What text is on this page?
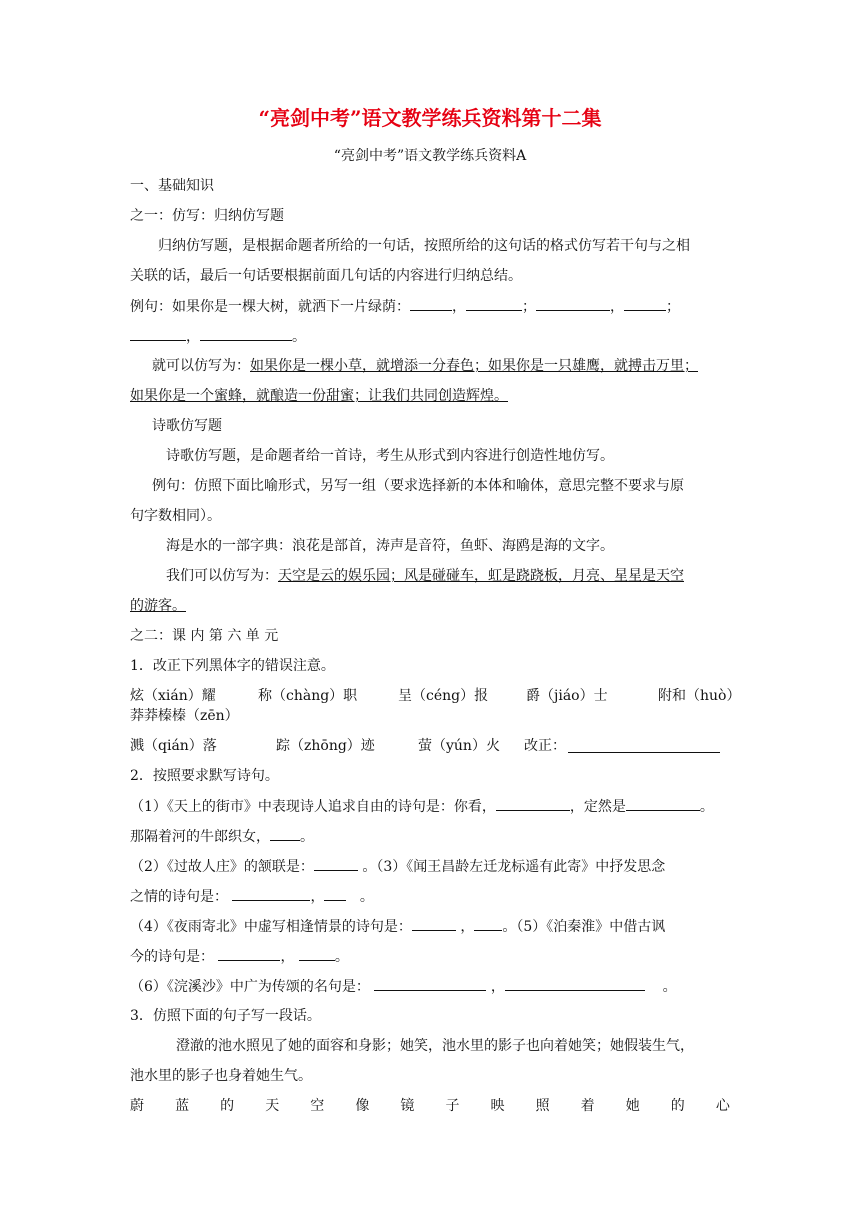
“亮剑中考”语文教学练兵资料第十二集
“亮剑中考”语文教学练兵资料A
一、基础知识
之一：仿写：归纳仿写题
归纳仿写题，是根据命题者所给的一句话，按照所给的这句话的格式仿写若干句与之相
关联的话，最后一句话要根据前面几句话的内容进行归纳总结。
例句：如果你是一棵大树，就洒下一片绿荫：	，	；	，	；
，	。
就可以仿写为：如果你是一棵小草，就增添一分春色；如果你是一只雄鹰，就搏击万里；
如果你是一个蜜蜂，就酿造一份甜蜜；让我们共同创造辉煌。
诗歌仿写题
诗歌仿写题，是命题者给一首诗，考生从形式到内容进行创造性地仿写。
例句：仿照下面比喻形式，另写一组（要求选择新的本体和喻体，意思完整不要求与原
句字数相同）。
海是水的一部字典：浪花是部首，涛声是音符，鱼虾、海鸥是海的文字。
我们可以仿写为：天空是云的娱乐园；风是碰碰车，虹是跷跷板，月亮、星星是天空
的游客。
之二：课 内 第 六 单 元
1．改正下列黑体字的错误注意。
炫（xián）耀	称（chàng）职	呈（céng）报	爵（jiáo）士	附和（huò）
莽莽榛榛（zēn）
溅（qián）落	踪（zhōng）迹	萤（yún）火 改正：
2．按照要求默写诗句。
（1）《天上的街市》中表现诗人追求自由的诗句是：你看，	，定然是	。
那隔着河的牛郎织女， 。
（2）《过故人庄》的颔联是：	。（3）《闻王昌龄左迁龙标遥有此寄》中抒发思念
之情的诗句是：	，	。
（4）《夜雨寄北》中虚写相逢情景的诗句是：	， 。（5）《泊秦淮》中借古讽
今的诗句是：	，	。
（6）《浣溪沙》中广为传颂的名句是：	，	。
3．仿照下面的句子写一段话。
澄澈的池水照见了她的面容和身影；她笑，池水里的影子也向着她笑；她假装生气，
池水里的影子也身着她生气。
蔚 蓝 的 天 空 像 镜 子 映 照 着 她 的 心
